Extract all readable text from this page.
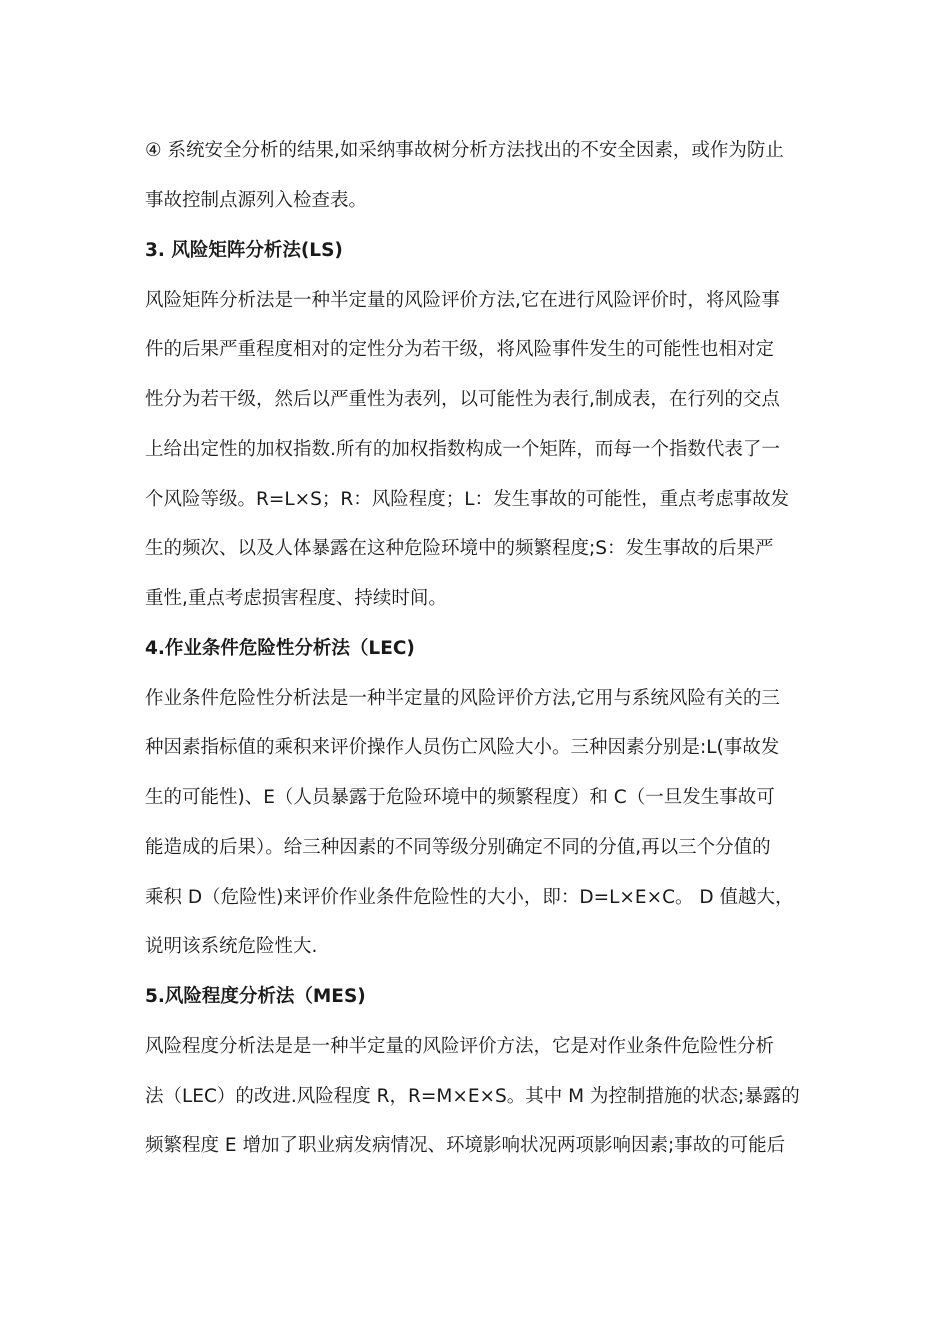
④ 系统安全分析的结果,如采纳事故树分析方法找出的不安全因素，或作为防止
事故控制点源列入检查表。
3. 风险矩阵分析法(LS)
风险矩阵分析法是一种半定量的风险评价方法,它在进行风险评价时，将风险事
件的后果严重程度相对的定性分为若干级，将风险事件发生的可能性也相对定
性分为若干级，然后以严重性为表列，以可能性为表行,制成表，在行列的交点
上给出定性的加权指数.所有的加权指数构成一个矩阵，而每一个指数代表了一
个风险等级。R=L×S；R：风险程度；L：发生事故的可能性，重点考虑事故发
生的频次、以及人体暴露在这种危险环境中的频繁程度;S：发生事故的后果严
重性,重点考虑损害程度、持续时间。
4.作业条件危险性分析法（LEC)
作业条件危险性分析法是一种半定量的风险评价方法,它用与系统风险有关的三
种因素指标值的乘积来评价操作人员伤亡风险大小。三种因素分别是:L(事故发
生的可能性)、E（人员暴露于危险环境中的频繁程度）和 C（一旦发生事故可
能造成的后果）。给三种因素的不同等级分别确定不同的分值,再以三个分值的
乘积 D（危险性)来评价作业条件危险性的大小，即：D=L×E×C。 D 值越大，
说明该系统危险性大.
5.风险程度分析法（MES)
风险程度分析法是是一种半定量的风险评价方法，它是对作业条件危险性分析
法（LEC）的改进.风险程度 R，R=M×E×S。其中 M 为控制措施的状态;暴露的
频繁程度 E 增加了职业病发病情况、环境影响状况两项影响因素;事故的可能后
